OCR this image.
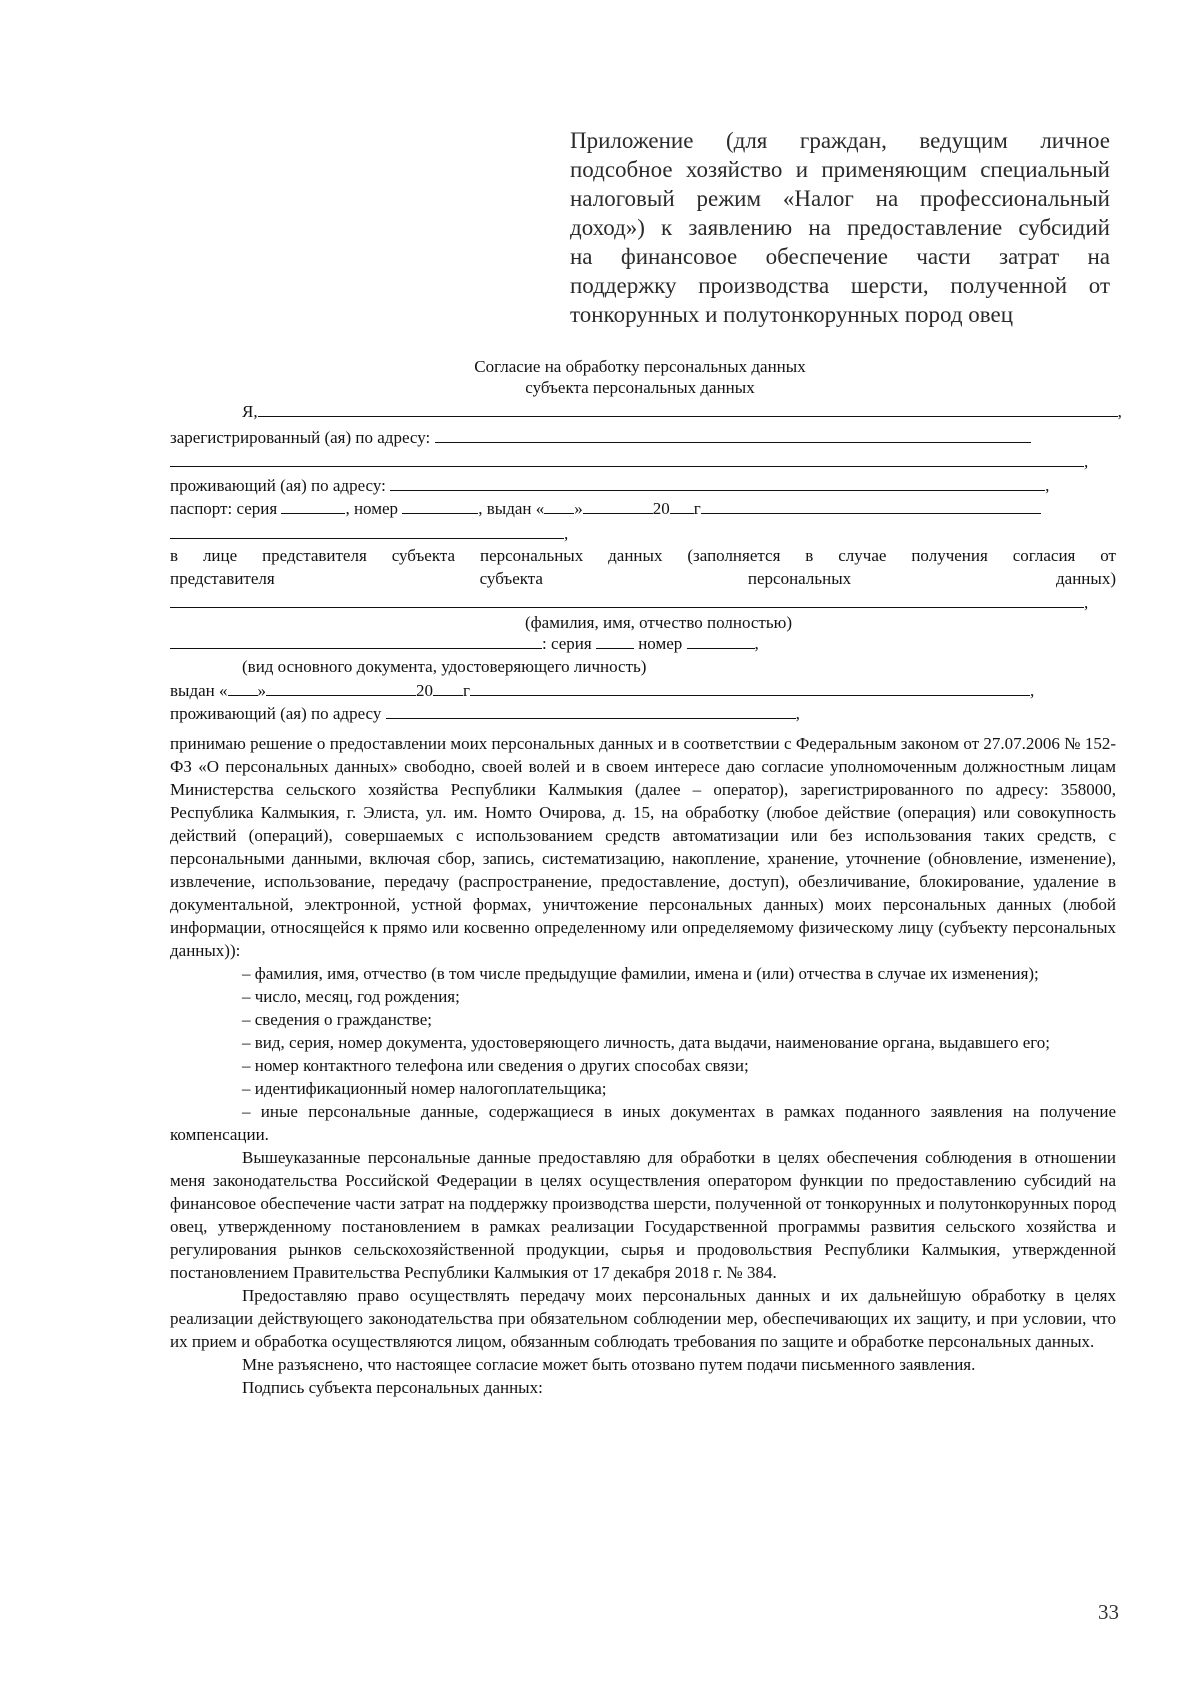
Приложение (для граждан, ведущим личное
подсобное хозяйство и применяющим специальный
налоговый режим «Налог на профессиональный
доход») к заявлению на предоставление субсидий
на финансовое обеспечение части затрат на
поддержку производства шерсти, полученной от
тонкорунных и полутонкорунных пород овец
Согласие на обработку персональных данных
субъекта персональных данных
Я,	,
зарегистрированный (ая) по адресу:
,
проживающий (ая) по адресу:	,
паспорт: серия	, номер	, выдан « »	20 г
,
в лице представителя субъекта персональных данных (заполняется в случае получения согласия от
представителя	субъекта	персональных	данных)
,
(фамилия, имя, отчество полностью)
: серия	номер	,
(вид основного документа, удостоверяющего личность)
выдан « »	20 г	,
проживающий (ая) по адресу	,

принимаю решение о предоставлении моих персональных данных и в соответствии с Федеральным законом от 27.07.2006 № 152-ФЗ «О персональных данных» свободно, своей волей и в своем интересе даю согласие уполномоченным должностным лицам Министерства сельского хозяйства Республики Калмыкия (далее – оператор), зарегистрированного по адресу: 358000, Республика Калмыкия, г. Элиста, ул. им. Номто Очирова, д. 15, на обработку (любое действие (операция) или совокупность действий (операций), совершаемых с использованием средств автоматизации или без использования таких средств, с персональными данными, включая сбор, запись, систематизацию, накопление, хранение, уточнение (обновление, изменение), извлечение, использование, передачу (распространение, предоставление, доступ), обезличивание, блокирование, удаление в документальной, электронной, устной формах, уничтожение персональных данных) моих персональных данных (любой информации, относящейся к прямо или косвенно определенному или определяемому физическому лицу (субъекту персональных данных)):

– фамилия, имя, отчество (в том числе предыдущие фамилии, имена и (или) отчества в случае их изменения);

– число, месяц, год рождения;

– сведения о гражданстве;

– вид, серия, номер документа, удостоверяющего личность, дата выдачи, наименование органа, выдавшего его;

– номер контактного телефона или сведения о других способах связи;

– идентификационный номер налогоплательщика;

– иные персональные данные, содержащиеся в иных документах в рамках поданного заявления на получение компенсации.

Вышеуказанные персональные данные предоставляю для обработки в целях обеспечения соблюдения в отношении меня законодательства Российской Федерации в целях осуществления оператором функции по предоставлению субсидий на финансовое обеспечение части затрат на поддержку производства шерсти, полученной от тонкорунных и полутонкорунных пород овец, утвержденному постановлением в рамках реализации Государственной программы развития сельского хозяйства и регулирования рынков сельскохозяйственной продукции, сырья и продовольствия Республики Калмыкия, утвержденной постановлением Правительства Республики Калмыкия от 17 декабря 2018 г. № 384.

Предоставляю право осуществлять передачу моих персональных данных и их дальнейшую обработку в целях реализации действующего законодательства при обязательном соблюдении мер, обеспечивающих их защиту, и при условии, что их прием и обработка осуществляются лицом, обязанным соблюдать требования по защите и обработке персональных данных.

Мне разъяснено, что настоящее согласие может быть отозвано путем подачи письменного заявления.

Подпись субъекта персональных данных:

33
